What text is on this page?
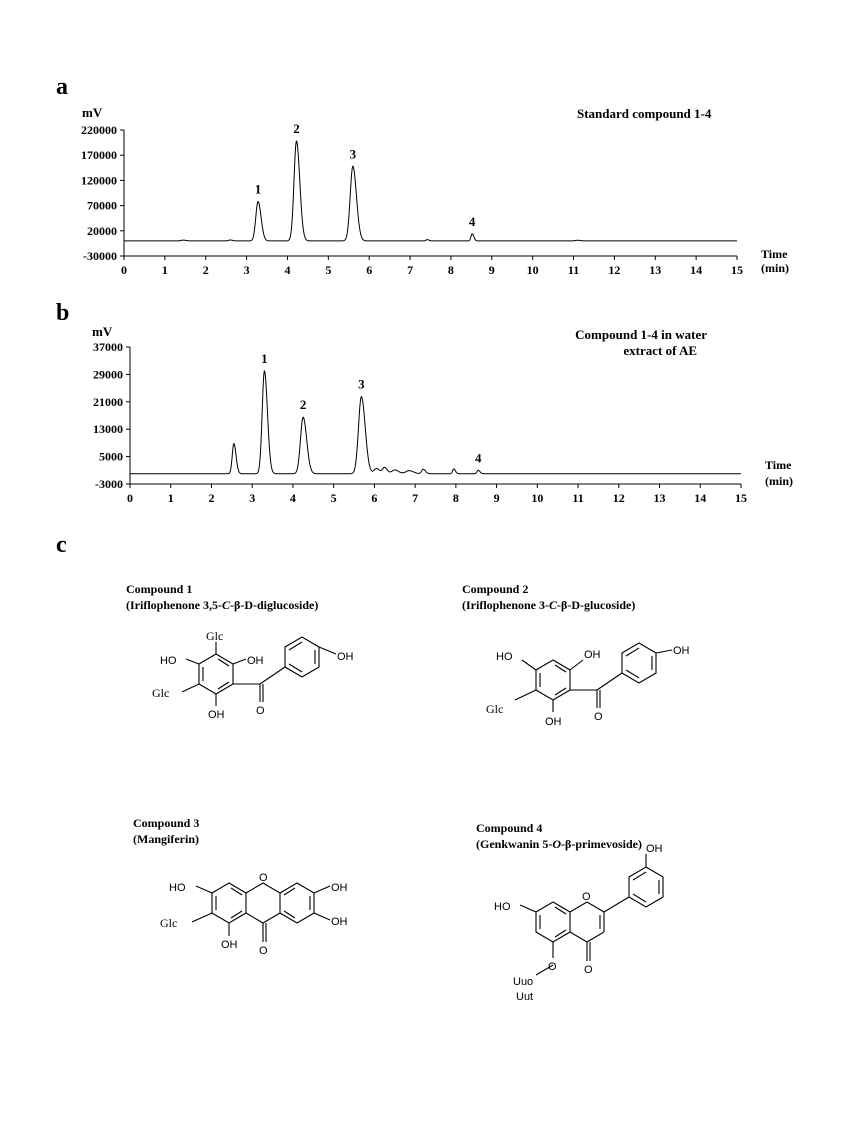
a
mV	Standard compound 1-4
220000
170000
120000
70000
20000
-30000
0	1	2	3	4	5	6	7	8	9	10 11 12 13 14 15
1
2
3
4
Time
(min)
b
mV	Compound 1-4 in water
extract of AE
37000
29000
21000
13000
5000
-3000
0	1	2	3	4	5	6	7	8	9	10 11 12 13 14 15
1
2
3
4	Time
(min)
c
Compound 1
(Iriflophenone 3,5-C-β-D-diglucoside)
Glc
HO	OH
Glc
OH	O
OH
Compound 2
(Iriflophenone 3-C-β-D-glucoside)
HO	OH
Glc
OH	O
OH
Compound 3
(Mangiferin)
O
HO
Glc
OH O
OH
OH
Compound 4
(Genkwanin 5-O-β-primevoside)
O
HO
O O
OH
Uuo
Uut
